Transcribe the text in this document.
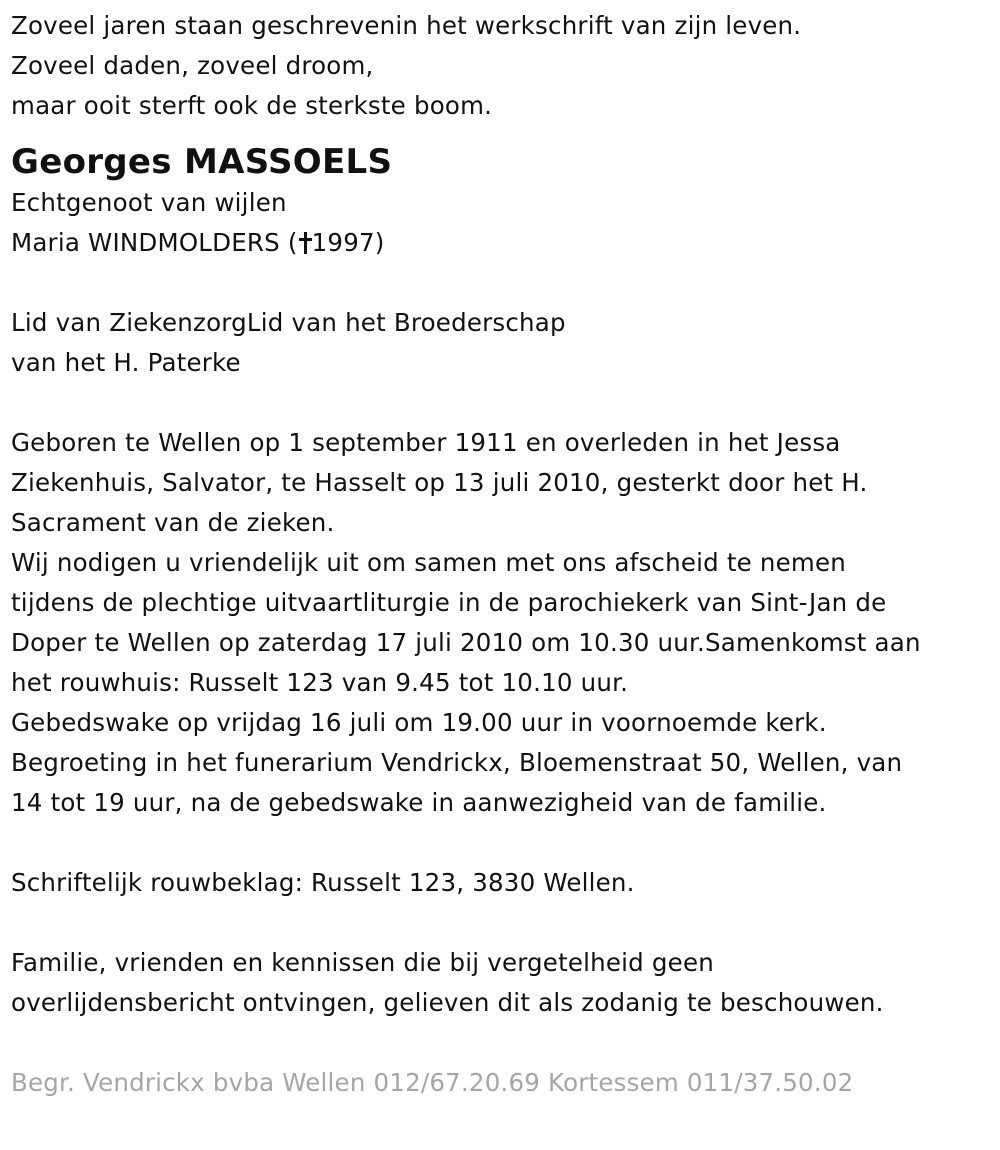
Zoveel jaren staan geschrevenin het werkschrift van zijn leven.
Zoveel daden, zoveel droom,
maar ooit sterft ook de sterkste boom.
Georges MASSOELS
Echtgenoot van wijlen
Maria WINDMOLDERS ( 1997)
Lid van ZiekenzorgLid van het Broederschap
van het H. Paterke
Geboren te Wellen op 1 september 1911 en overleden in het Jessa
Ziekenhuis, Salvator, te Hasselt op 13 juli 2010, gesterkt door het H.
Sacrament van de zieken.
Wij nodigen u vriendelijk uit om samen met ons afscheid te nemen
tijdens de plechtige uitvaartliturgie in de parochiekerk van Sint-Jan de
Doper te Wellen op zaterdag 17 juli 2010 om 10.30 uur.Samenkomst aan
het rouwhuis: Russelt 123 van 9.45 tot 10.10 uur.
Gebedswake op vrijdag 16 juli om 19.00 uur in voornoemde kerk.
Begroeting in het funerarium Vendrickx, Bloemenstraat 50, Wellen, van
14 tot 19 uur, na de gebedswake in aanwezigheid van de familie.
Schriftelijk rouwbeklag: Russelt 123, 3830 Wellen.
Familie, vrienden en kennissen die bij vergetelheid geen
overlijdensbericht ontvingen, gelieven dit als zodanig te beschouwen.
Begr. Vendrickx bvba Wellen 012/67.20.69 Kortessem 011/37.50.02
